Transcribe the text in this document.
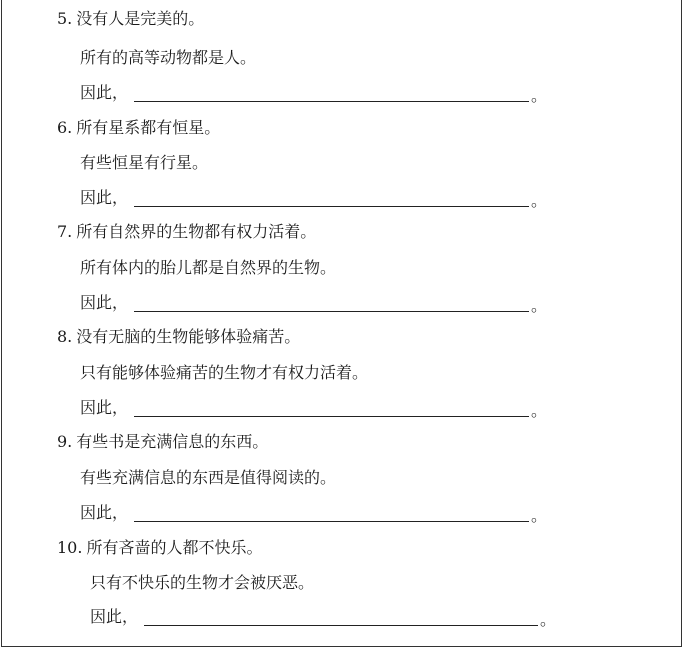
5. 没有人是完美的。
所有的高等动物都是人。
因此，	。
6. 所有星系都有恒星。
有些恒星有行星。
因此，	。
7. 所有自然界的生物都有权力活着。
所有体内的胎儿都是自然界的生物。
因此，	。
8. 没有无脑的生物能够体验痛苦。
只有能够体验痛苦的生物才有权力活着。
因此，	。
9. 有些书是充满信息的东西。
有些充满信息的东西是值得阅读的。
因此，	。
10. 所有吝啬的人都不快乐。
只有不快乐的生物才会被厌恶。
因此，	。
